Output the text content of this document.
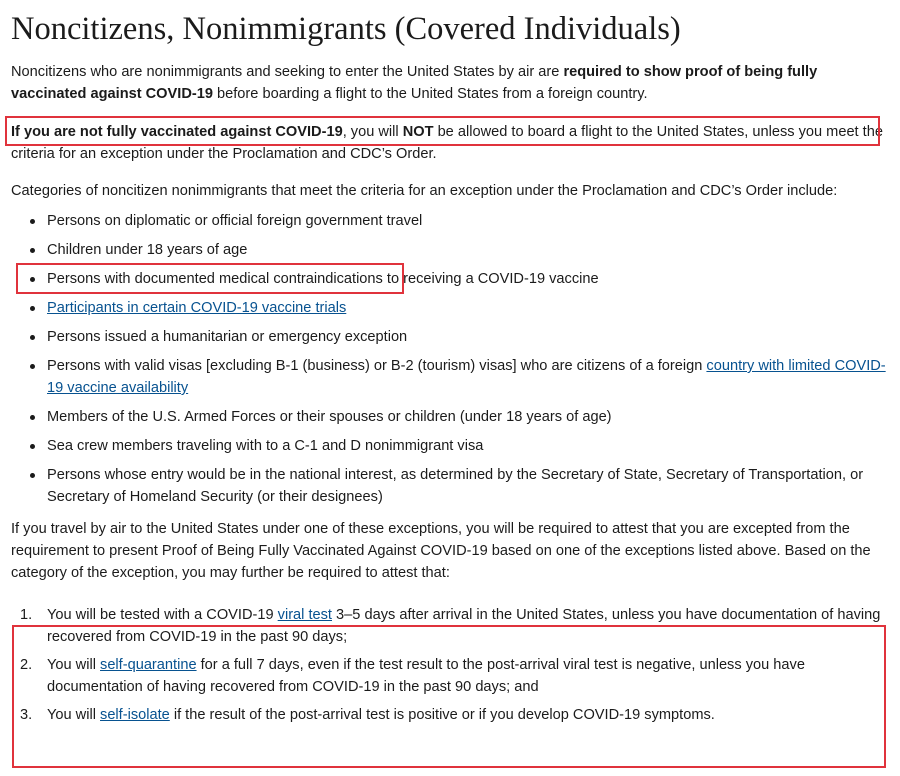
Noncitizens, Nonimmigrants (Covered Individuals)

Noncitizens who are nonimmigrants and seeking to enter the United States by air are required to show proof of being fully vaccinated against COVID-19 before boarding a flight to the United States from a foreign country.

If you are not fully vaccinated against COVID-19, you will NOT be allowed to board a flight to the United States, unless you meet the criteria for an exception under the Proclamation and CDC’s Order.

Categories of noncitizen nonimmigrants that meet the criteria for an exception under the Proclamation and CDC’s Order include:

Persons on diplomatic or official foreign government travel
Children under 18 years of age
Persons with documented medical contraindications to receiving a COVID-19 vaccine
Participants in certain COVID-19 vaccine trials
Persons issued a humanitarian or emergency exception
Persons with valid visas [excluding B-1 (business) or B-2 (tourism) visas] who are citizens of a foreign country with limited COVID-19 vaccine availability
Members of the U.S. Armed Forces or their spouses or children (under 18 years of age)
Sea crew members traveling with to a C-1 and D nonimmigrant visa
Persons whose entry would be in the national interest, as determined by the Secretary of State, Secretary of Transportation, or Secretary of Homeland Security (or their designees)

If you travel by air to the United States under one of these exceptions, you will be required to attest that you are excepted from the requirement to present Proof of Being Fully Vaccinated Against COVID-19 based on one of the exceptions listed above. Based on the category of the exception, you may further be required to attest that:

1. You will be tested with a COVID-19 viral test 3–5 days after arrival in the United States, unless you have documentation of having recovered from COVID-19 in the past 90 days;
2. You will self-quarantine for a full 7 days, even if the test result to the post-arrival viral test is negative, unless you have documentation of having recovered from COVID-19 in the past 90 days; and
3. You will self-isolate if the result of the post-arrival test is positive or if you develop COVID-19 symptoms.
